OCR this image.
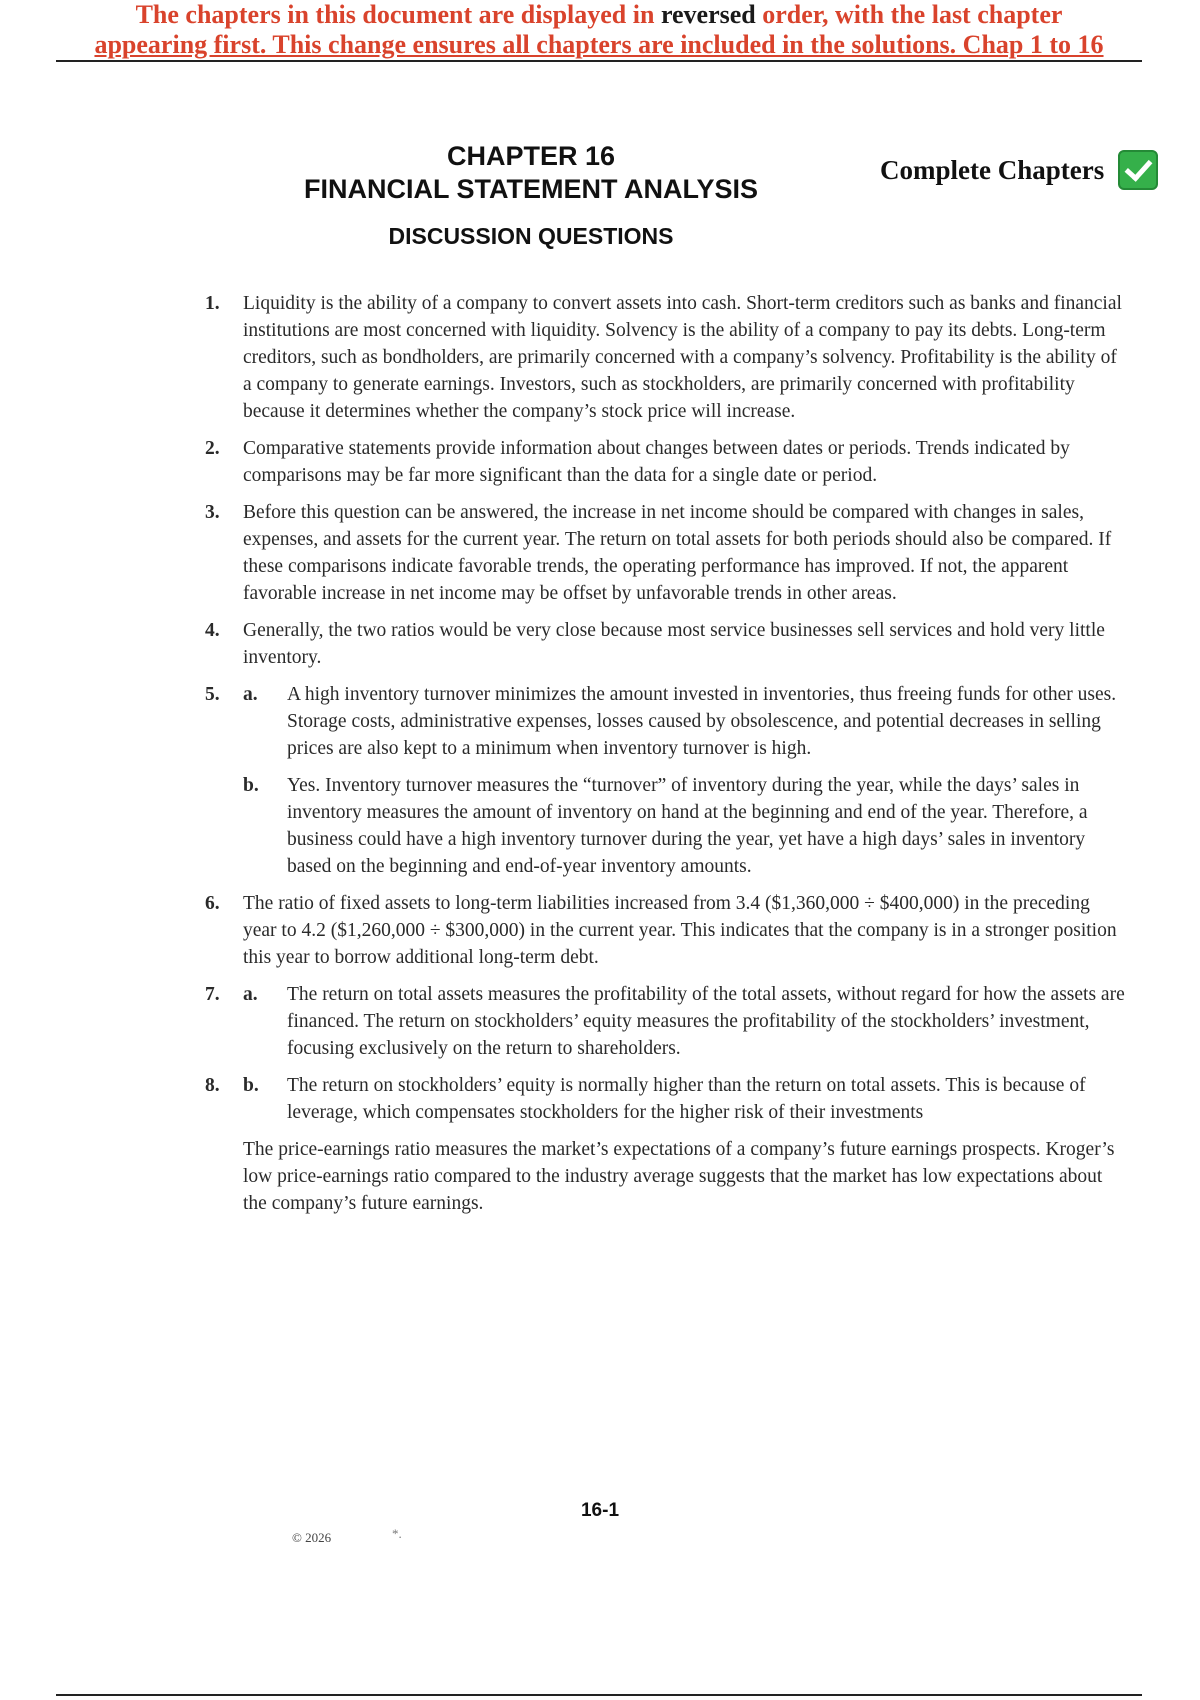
The chapters in this document are displayed in reversed order, with the last chapter
appearing first. This change ensures all chapters are included in the solutions. Chap 1 to 16
CHAPTER 16
FINANCIAL STATEMENT ANALYSIS
DISCUSSION QUESTIONS
Complete Chapters
1.	Liquidity is the ability of a company to convert assets into cash. Short-term creditors such as banks and financial institutions are most concerned with liquidity. Solvency is the ability of a company to pay its debts. Long-term creditors, such as bondholders, are primarily concerned with a company’s solvency. Profitability is the ability of a company to generate earnings. Investors, such as stockholders, are primarily concerned with profitability because it determines whether the company’s stock price will increase.
2.	Comparative statements provide information about changes between dates or periods. Trends indicated by comparisons may be far more significant than the data for a single date or period.
3.	Before this question can be answered, the increase in net income should be compared with changes in sales, expenses, and assets for the current year. The return on total assets for both periods should also be compared. If these comparisons indicate favorable trends, the operating performance has improved. If not, the apparent favorable increase in net income may be offset by unfavorable trends in other areas.
4.	Generally, the two ratios would be very close because most service businesses sell services and hold very little inventory.
5.	a.	A high inventory turnover minimizes the amount invested in inventories, thus freeing funds for other uses. Storage costs, administrative expenses, losses caused by obsolescence, and potential decreases in selling prices are also kept to a minimum when inventory turnover is high.
b.	Yes. Inventory turnover measures the “turnover” of inventory during the year, while the days’ sales in inventory measures the amount of inventory on hand at the beginning and end of the year. Therefore, a business could have a high inventory turnover during the year, yet have a high days’ sales in inventory based on the beginning and end-of-year inventory amounts.
6.	The ratio of fixed assets to long-term liabilities increased from 3.4 ($1,360,000 ÷ $400,000) in the preceding year to 4.2 ($1,260,000 ÷ $300,000) in the current year. This indicates that the company is in a stronger position this year to borrow additional long-term debt.
7.	a.	The return on total assets measures the profitability of the total assets, without regard for how the assets are financed. The return on stockholders’ equity measures the profitability of the stockholders’ investment, focusing exclusively on the return to shareholders.
8.	b.	The return on stockholders’ equity is normally higher than the return on total assets. This is because of leverage, which compensates stockholders for the higher risk of their investments
The price-earnings ratio measures the market’s expectations of a company’s future earnings prospects. Kroger’s low price-earnings ratio compared to the industry average suggests that the market has low expectations about the company’s future earnings.
16-1
© 2026	*.
